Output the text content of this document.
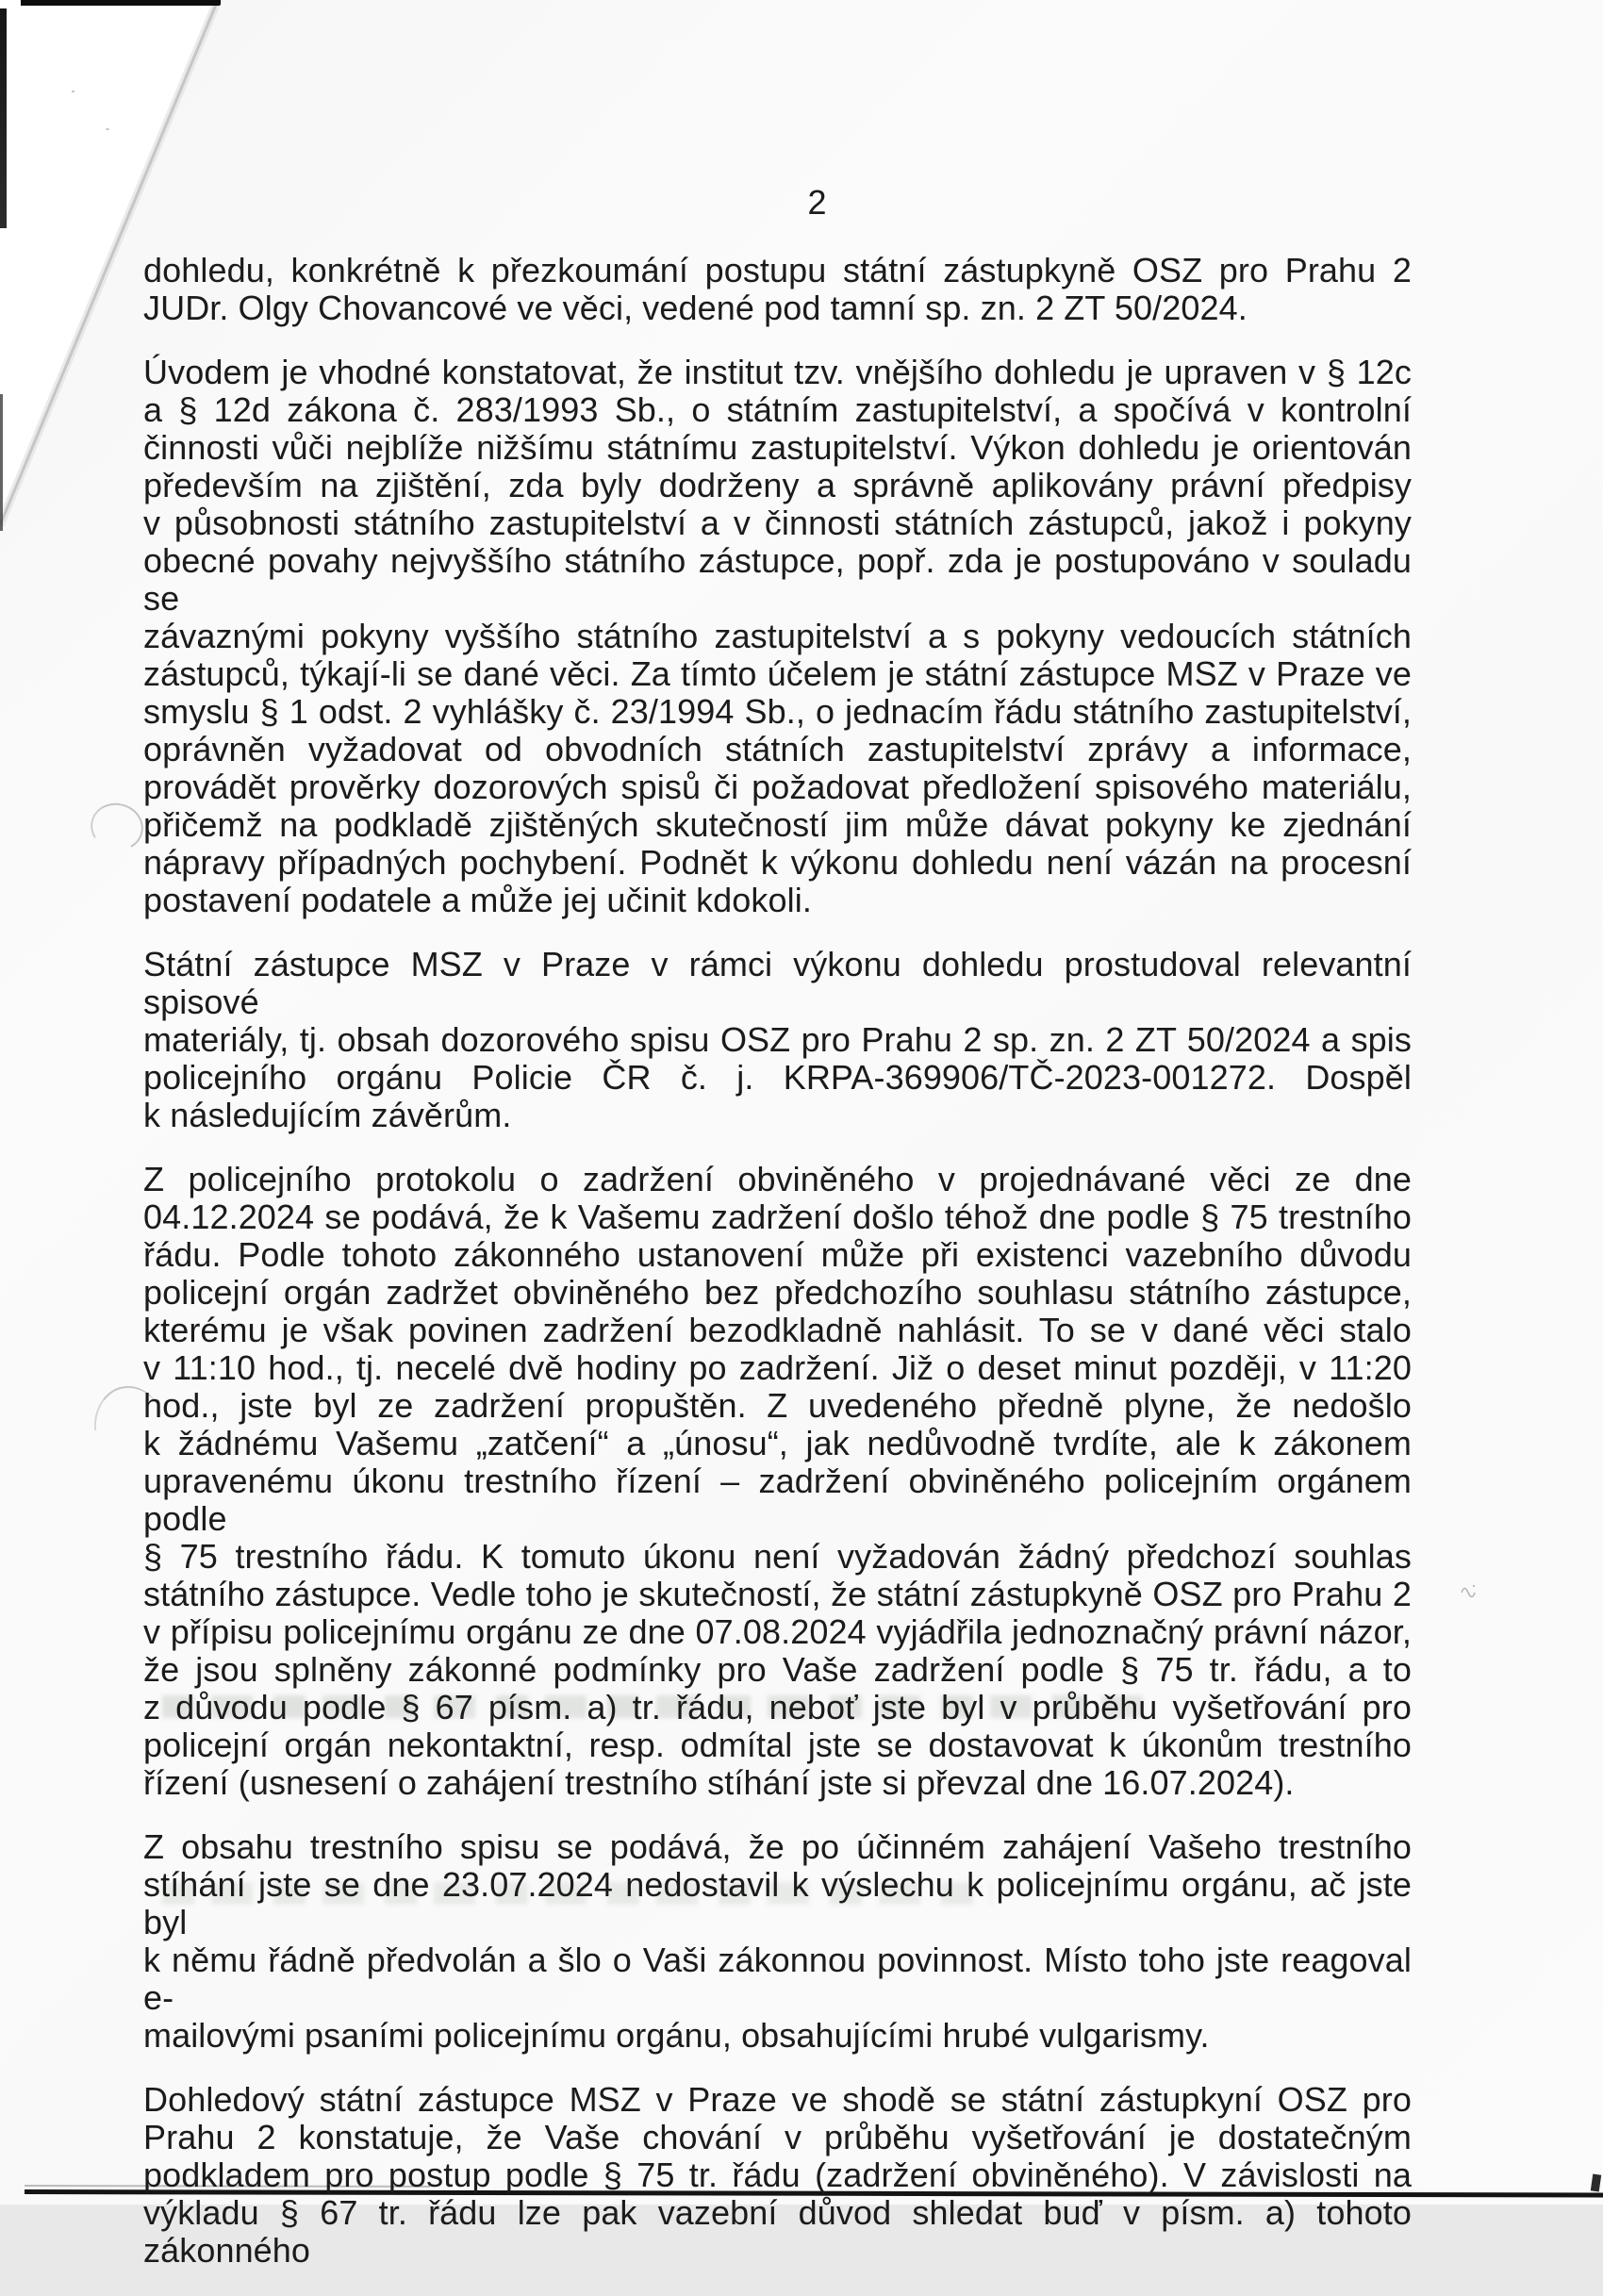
2
dohledu, konkrétně k přezkoumání postupu státní zástupkyně OSZ pro Prahu 2
JUDr. Olgy Chovancové ve věci, vedené pod tamní sp. zn. 2 ZT 50/2024.
Úvodem je vhodné konstatovat, že institut tzv. vnějšího dohledu je upraven v § 12c
a § 12d zákona č. 283/1993 Sb., o státním zastupitelství, a spočívá v kontrolní
činnosti vůči nejblíže nižšímu státnímu zastupitelství. Výkon dohledu je orientován
především na zjištění, zda byly dodrženy a správně aplikovány právní předpisy
v působnosti státního zastupitelství a v činnosti státních zástupců, jakož i pokyny
obecné povahy nejvyššího státního zástupce, popř. zda je postupováno v souladu se
závaznými pokyny vyššího státního zastupitelství a s pokyny vedoucích státních
zástupců, týkají-li se dané věci. Za tímto účelem je státní zástupce MSZ v Praze ve
smyslu § 1 odst. 2 vyhlášky č. 23/1994 Sb., o jednacím řádu státního zastupitelství,
oprávněn vyžadovat od obvodních státních zastupitelství zprávy a informace,
provádět prověrky dozorových spisů či požadovat předložení spisového materiálu,
přičemž na podkladě zjištěných skutečností jim může dávat pokyny ke zjednání
nápravy případných pochybení. Podnět k výkonu dohledu není vázán na procesní
postavení podatele a může jej učinit kdokoli.
Státní zástupce MSZ v Praze v rámci výkonu dohledu prostudoval relevantní spisové
materiály, tj. obsah dozorového spisu OSZ pro Prahu 2 sp. zn. 2 ZT 50/2024 a spis
policejního orgánu Policie ČR č. j. KRPA-369906/TČ-2023-001272. Dospěl
k následujícím závěrům.
Z policejního protokolu o zadržení obviněného v projednávané věci ze dne
04.12.2024 se podává, že k Vašemu zadržení došlo téhož dne podle § 75 trestního
řádu. Podle tohoto zákonného ustanovení může při existenci vazebního důvodu
policejní orgán zadržet obviněného bez předchozího souhlasu státního zástupce,
kterému je však povinen zadržení bezodkladně nahlásit. To se v dané věci stalo
v 11:10 hod., tj. necelé dvě hodiny po zadržení. Již o deset minut později, v 11:20
hod., jste byl ze zadržení propuštěn. Z uvedeného předně plyne, že nedošlo
k žádnému Vašemu „zatčení“ a „únosu“, jak nedůvodně tvrdíte, ale k zákonem
upravenému úkonu trestního řízení – zadržení obviněného policejním orgánem podle
§ 75 trestního řádu. K tomuto úkonu není vyžadován žádný předchozí souhlas
státního zástupce. Vedle toho je skutečností, že státní zástupkyně OSZ pro Prahu 2
v přípisu policejnímu orgánu ze dne 07.08.2024 vyjádřila jednoznačný právní názor,
že jsou splněny zákonné podmínky pro Vaše zadržení podle § 75 tr. řádu, a to
z důvodu podle § 67 písm. a) tr. řádu, neboť jste byl v průběhu vyšetřování pro
policejní orgán nekontaktní, resp. odmítal jste se dostavovat k úkonům trestního
řízení (usnesení o zahájení trestního stíhání jste si převzal dne 16.07.2024).
Z obsahu trestního spisu se podává, že po účinném zahájení Vašeho trestního
stíhání jste se dne 23.07.2024 nedostavil k výslechu k policejnímu orgánu, ač jste byl
k němu řádně předvolán a šlo o Vaši zákonnou povinnost. Místo toho jste reagoval e-
mailovými psaními policejnímu orgánu, obsahujícími hrubé vulgarismy.
Dohledový státní zástupce MSZ v Praze ve shodě se státní zástupkyní OSZ pro
Prahu 2 konstatuje, že Vaše chování v průběhu vyšetřování je dostatečným
podkladem pro postup podle § 75 tr. řádu (zadržení obviněného). V závislosti na
výkladu § 67 tr. řádu lze pak vazební důvod shledat buď v písm. a) tohoto zákonného
